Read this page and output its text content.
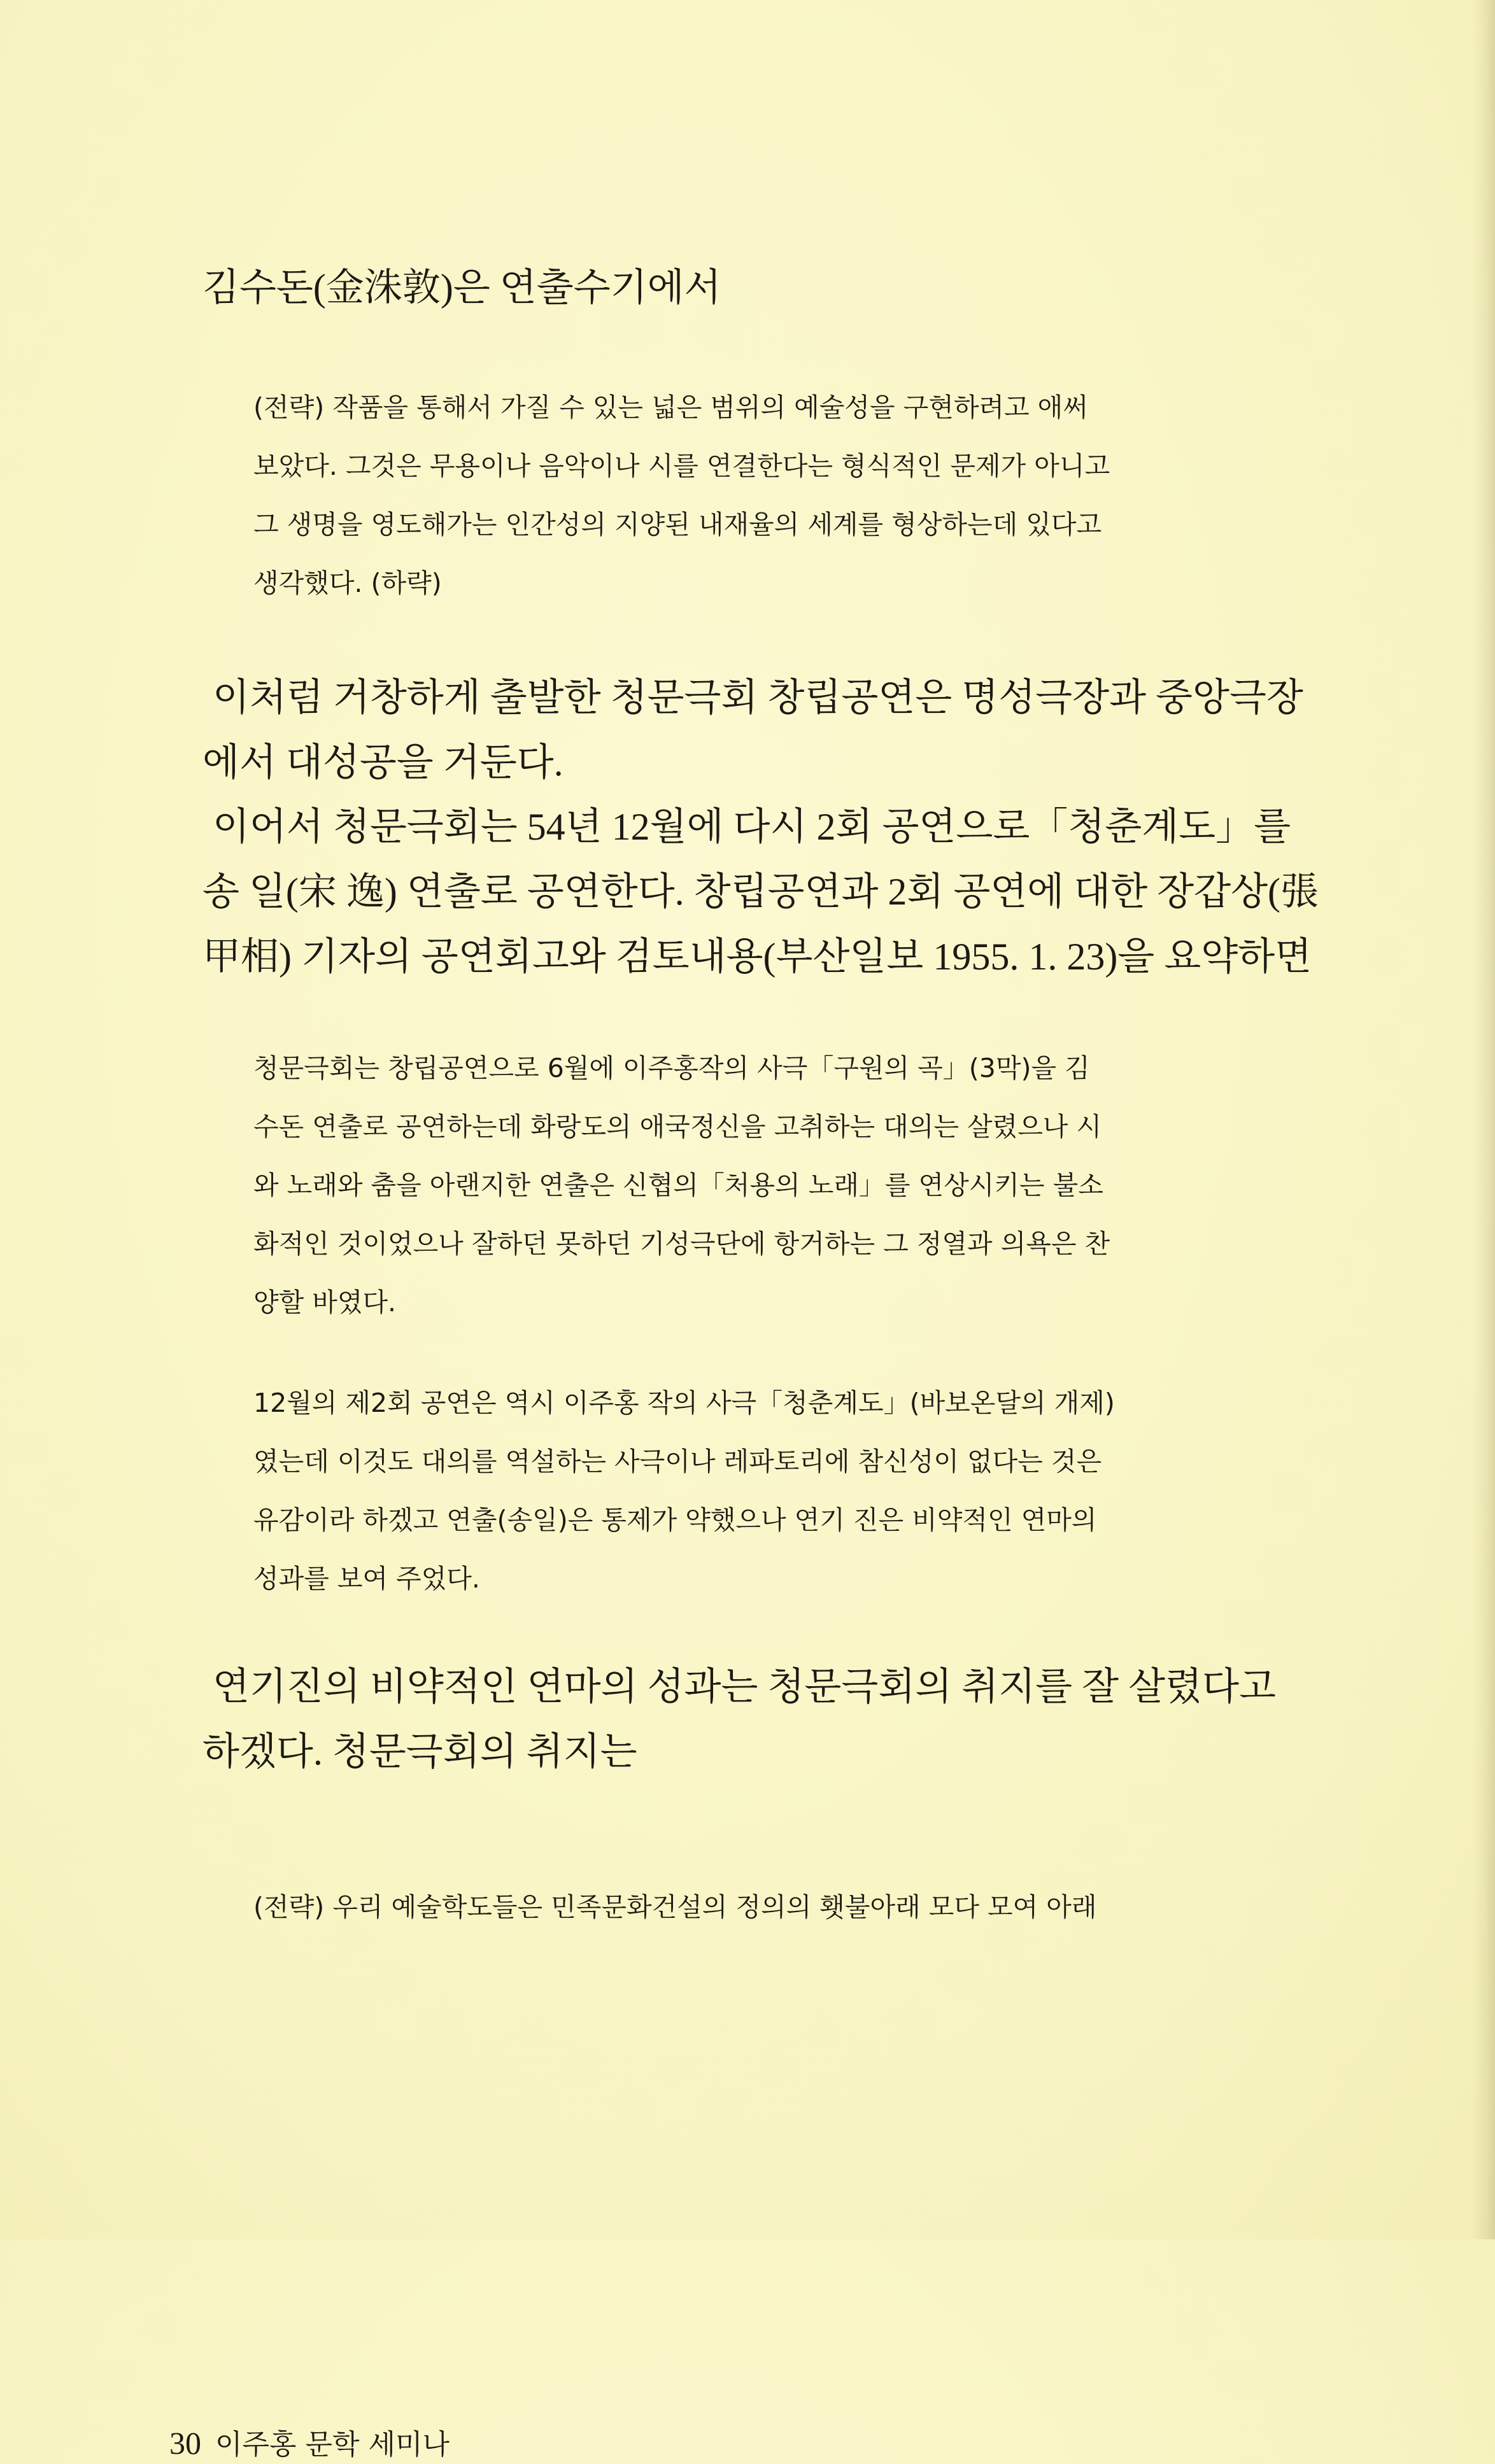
김수돈(金洙敦)은 연출수기에서
(전략) 작품을 통해서 가질 수 있는 넓은 범위의 예술성을 구현하려고 애써
보았다. 그것은 무용이나 음악이나 시를 연결한다는 형식적인 문제가 아니고
그 생명을 영도해가는 인간성의 지양된 내재율의 세계를 형상하는데 있다고
생각했다. (하략)
이처럼 거창하게 출발한 청문극회 창립공연은 명성극장과 중앙극장
에서 대성공을 거둔다.
이어서 청문극회는 54년 12월에 다시 2회 공연으로「청춘계도」를
송 일(宋 逸) 연출로 공연한다. 창립공연과 2회 공연에 대한 장갑상(張
甲相) 기자의 공연회고와 검토내용(부산일보 1955. 1. 23)을 요약하면
청문극회는 창립공연으로 6월에 이주홍작의 사극「구원의 곡」(3막)을 김
수돈 연출로 공연하는데 화랑도의 애국정신을 고취하는 대의는 살렸으나 시
와 노래와 춤을 아랜지한 연출은 신협의「처용의 노래」를 연상시키는 불소
화적인 것이었으나 잘하던 못하던 기성극단에 항거하는 그 정열과 의욕은 찬
양할 바였다.
12월의 제2회 공연은 역시 이주홍 작의 사극「청춘계도」(바보온달의 개제)
였는데 이것도 대의를 역설하는 사극이나 레파토리에 참신성이 없다는 것은
유감이라 하겠고 연출(송일)은 통제가 약했으나 연기 진은 비약적인 연마의
성과를 보여 주었다.
연기진의 비약적인 연마의 성과는 청문극회의 취지를 잘 살렸다고
하겠다. 청문극회의 취지는
(전략) 우리 예술학도들은 민족문화건설의 정의의 횃불아래 모다 모여 아래
30 이주홍 문학 세미나
